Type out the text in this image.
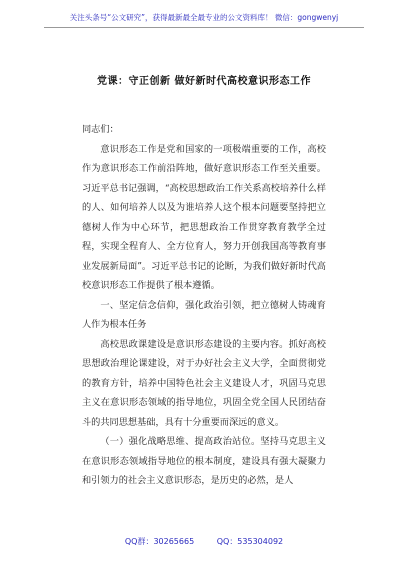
关注头条号“公文研究”，获得最新最全最专业的公文资料库！ 微信：gongwenyj
党课：守正创新 做好新时代高校意识形态工作

同志们：

意识形态工作是党和国家的一项极端重要的工作，高校作为意识形态工作前沿阵地，做好意识形态工作至关重要。习近平总书记强调，“高校思想政治工作关系高校培养什么样的人、如何培养人以及为谁培养人这个根本问题要坚持把立德树人作为中心环节，把思想政治工作贯穿教育教学全过程，实现全程育人、全方位育人，努力开创我国高等教育事业发展新局面”。习近平总书记的论断，为我们做好新时代高校意识形态工作提供了根本遵循。

一、坚定信念信仰，强化政治引领，把立德树人铸魂育人作为根本任务

高校思政课建设是意识形态建设的主要内容。抓好高校思想政治理论课建设，对于办好社会主义大学，全面贯彻党的教育方针，培养中国特色社会主义建设人才，巩固马克思主义在意识形态领域的指导地位，巩固全党全国人民团结奋斗的共同思想基础，具有十分重要而深远的意义。

（一）强化战略思维、提高政治站位。坚持马克思主义在意识形态领域指导地位的根本制度，建设具有强大凝聚力和引领力的社会主义意识形态，是历史的必然，是人

QQ群：30265665	QQ：535304092
